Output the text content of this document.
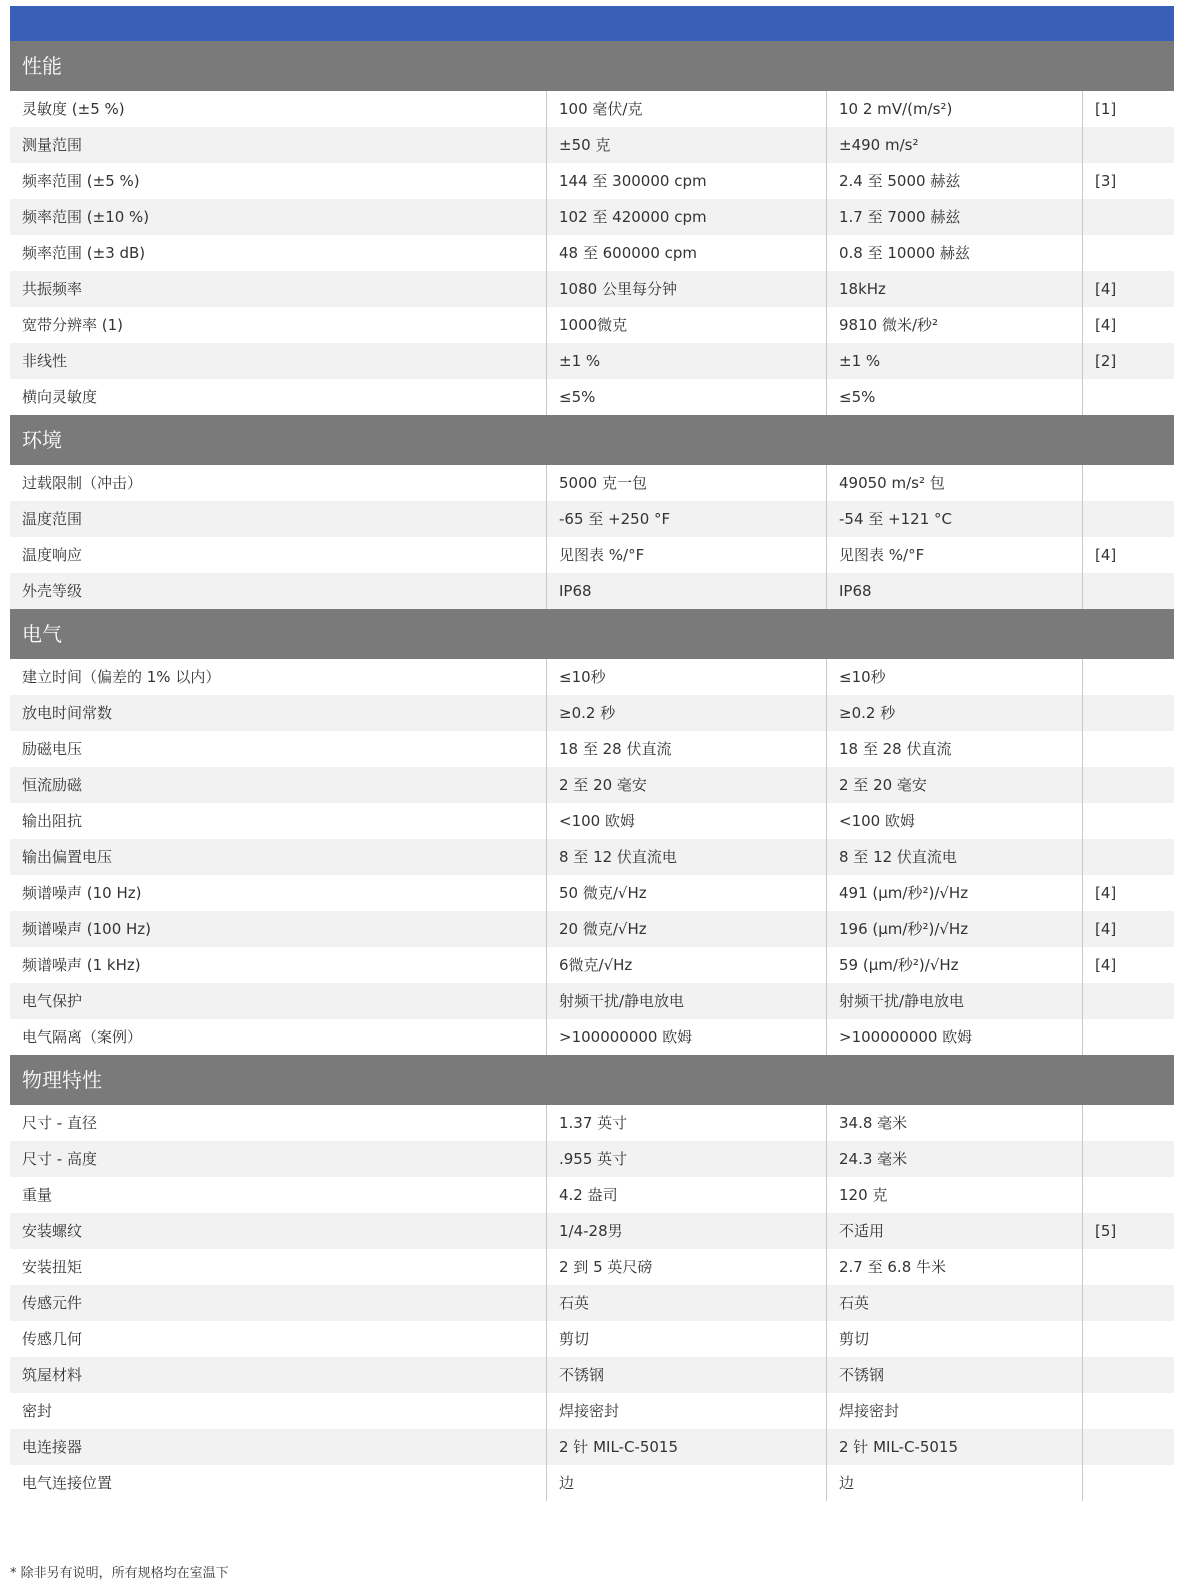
性能
灵敏度 (±5 %)	100 毫伏/克	10 2 mV/(m/s²)	[1]
测量范围	±50 克	±490 m/s²
频率范围 (±5 %)	144 至 300000 cpm	2.4 至 5000 赫兹	[3]
频率范围 (±10 %)	102 至 420000 cpm	1.7 至 7000 赫兹
频率范围 (±3 dB)	48 至 600000 cpm	0.8 至 10000 赫兹
共振频率	1080 公里每分钟	18kHz	[4]
宽带分辨率 (1)	1000微克	9810 微米/秒²	[4]
非线性	±1 %	±1 %	[2]
横向灵敏度	≤5%	≤5%
环境
过载限制（冲击）	5000 克一包	49050 m/s² 包
温度范围	-65 至 +250 °F	-54 至 +121 °C
温度响应	见图表 %/°F	见图表 %/°F	[4]
外壳等级	IP68	IP68
电气
建立时间（偏差的 1% 以内）	≤10秒	≤10秒
放电时间常数	≥0.2 秒	≥0.2 秒
励磁电压	18 至 28 伏直流	18 至 28 伏直流
恒流励磁	2 至 20 毫安	2 至 20 毫安
输出阻抗	<100 欧姆	<100 欧姆
输出偏置电压	8 至 12 伏直流电	8 至 12 伏直流电
频谱噪声 (10 Hz)	50 微克/√Hz	491 (µm/秒²)/√Hz	[4]
频谱噪声 (100 Hz)	20 微克/√Hz	196 (µm/秒²)/√Hz	[4]
频谱噪声 (1 kHz)	6微克/√Hz	59 (µm/秒²)/√Hz	[4]
电气保护	射频干扰/静电放电	射频干扰/静电放电
电气隔离（案例）	>100000000 欧姆	>100000000 欧姆
物理特性
尺寸 - 直径	1.37 英寸	34.8 毫米
尺寸 - 高度	.955 英寸	24.3 毫米
重量	4.2 盎司	120 克
安装螺纹	1/4-28男	不适用	[5]
安装扭矩	2 到 5 英尺磅	2.7 至 6.8 牛米
传感元件	石英	石英
传感几何	剪切	剪切
筑屋材料	不锈钢	不锈钢
密封	焊接密封	焊接密封
电连接器	2 针 MIL-C-5015	2 针 MIL-C-5015
电气连接位置	边	边
* 除非另有说明，所有规格均在室温下
